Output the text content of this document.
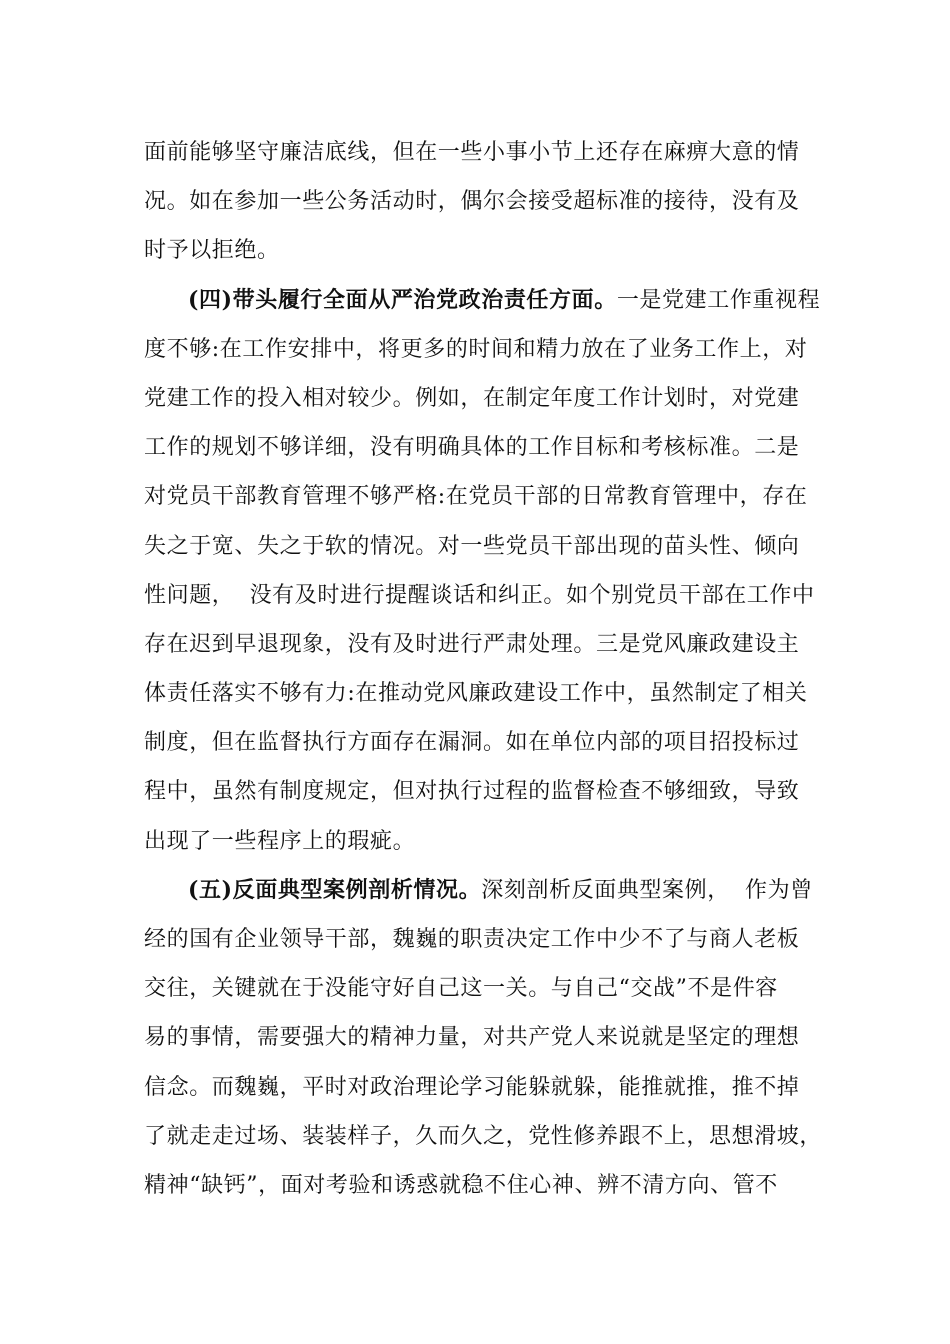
面前能够坚守廉洁底线，但在一些小事小节上还存在麻痹大意的情
况。如在参加一些公务活动时，偶尔会接受超标准的接待，没有及
时予以拒绝。
(四)带头履行全面从严治党政治责任方面。一是党建工作重视程
度不够:在工作安排中，将更多的时间和精力放在了业务工作上，对
党建工作的投入相对较少。例如，在制定年度工作计划时，对党建
工作的规划不够详细，没有明确具体的工作目标和考核标准。二是
对党员干部教育管理不够严格:在党员干部的日常教育管理中，存在
失之于宽、失之于软的情况。对一些党员干部出现的苗头性、倾向
性问题，  没有及时进行提醒谈话和纠正。如个别党员干部在工作中
存在迟到早退现象，没有及时进行严肃处理。三是党风廉政建设主
体责任落实不够有力:在推动党风廉政建设工作中，虽然制定了相关
制度，但在监督执行方面存在漏洞。如在单位内部的项目招投标过
程中，虽然有制度规定，但对执行过程的监督检查不够细致，导致
出现了一些程序上的瑕疵。
(五)反面典型案例剖析情况。深刻剖析反面典型案例，  作为曾
经的国有企业领导干部，魏巍的职责决定工作中少不了与商人老板
交往，关键就在于没能守好自己这一关。与自己“交战”不是件容
易的事情，需要强大的精神力量，对共产党人来说就是坚定的理想
信念。而魏巍，平时对政治理论学习能躲就躲，能推就推，推不掉
了就走走过场、装装样子，久而久之，党性修养跟不上，思想滑坡，
精神“缺钙”，面对考验和诱惑就稳不住心神、辨不清方向、管不
